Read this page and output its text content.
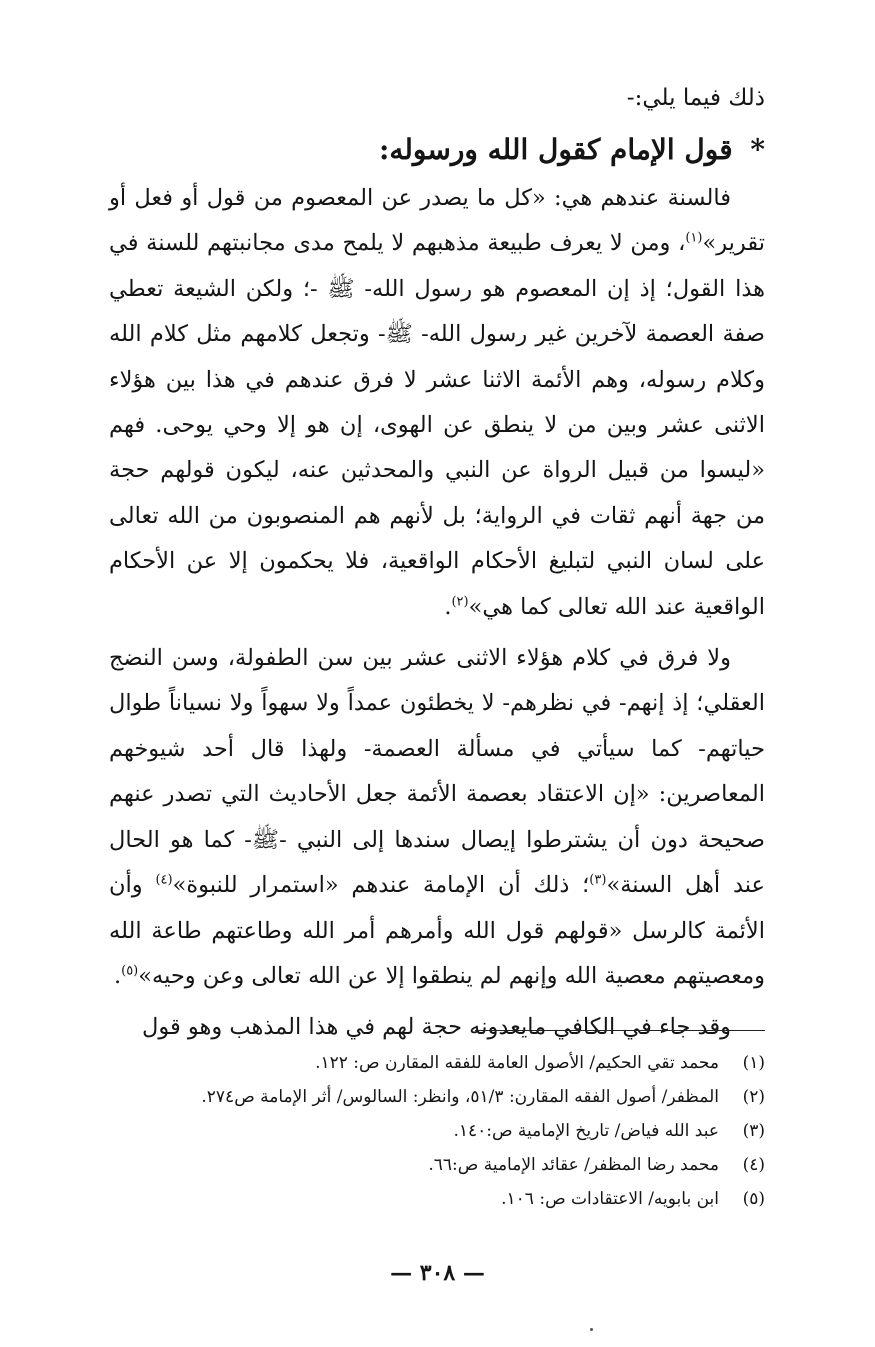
ذلك فيما يلي:-
* قول الإمام كقول الله ورسوله:

فالسنة عندهم هي: «كل ما يصدر عن المعصوم من قول أو فعل أو تقرير»$^{(١)}$، ومن لا يعرف طبيعة مذهبهم لا يلمح مدى مجانبتهم للسنة في هذا القول؛ إذ إن المعصوم هو رسول الله- ﷺ -؛ ولكن الشيعة تعطي صفة العصمة لآخرين غير رسول الله- ﷺ- وتجعل كلامهم مثل كلام الله وكلام رسوله، وهم الأئمة الاثنا عشر لا فرق عندهم في هذا بين هؤلاء الاثنى عشر وبين من لا ينطق عن الهوى، إن هو إلا وحي يوحى. فهم «ليسوا من قبيل الرواة عن النبي والمحدثين عنه، ليكون قولهم حجة من جهة أنهم ثقات في الرواية؛ بل لأنهم هم المنصوبون من الله تعالى على لسان النبي لتبليغ الأحكام الواقعية، فلا يحكمون إلا عن الأحكام الواقعية عند الله تعالى كما هي»$^{(٢)}$.

ولا فرق في كلام هؤلاء الاثنى عشر بين سن الطفولة، وسن النضج العقلي؛ إذ إنهم- في نظرهم- لا يخطئون عمداً ولا سهواً ولا نسياناً طوال حياتهم- كما سيأتي في مسألة العصمة- ولهذا قال أحد شيوخهم المعاصرين: «إن الاعتقاد بعصمة الأئمة جعل الأحاديث التي تصدر عنهم صحيحة دون أن يشترطوا إيصال سندها إلى النبي -ﷺ- كما هو الحال عند أهل السنة»$^{(٣)}$؛ ذلك أن الإمامة عندهم «استمرار للنبوة»$^{(٤)}$ وأن الأئمة كالرسل «قولهم قول الله وأمرهم أمر الله وطاعتهم طاعة الله ومعصيتهم معصية الله وإنهم لم ينطقوا إلا عن الله تعالى وعن وحيه»$^{(٥)}$.

وقد جاء في الكافي مايعدونه حجة لهم في هذا المذهب وهو قول

(١)
محمد تقي الحكيم/ الأصول العامة للفقه المقارن ص: ١٢٢.
(٢)
المظفر/ أصول الفقه المقارن: ٥١/٣، وانظر: السالوس/ أثر الإمامة ص٢٧٤.
(٣)
عبد الله فياض/ تاريخ الإمامية ص:١٤٠.
(٤)
محمد رضا المظفر/ عقائد الإمامية ص:٦٦.
(٥)
ابن بابويه/ الاعتقادات ص: ١٠٦.
— ٣٠٨ —
